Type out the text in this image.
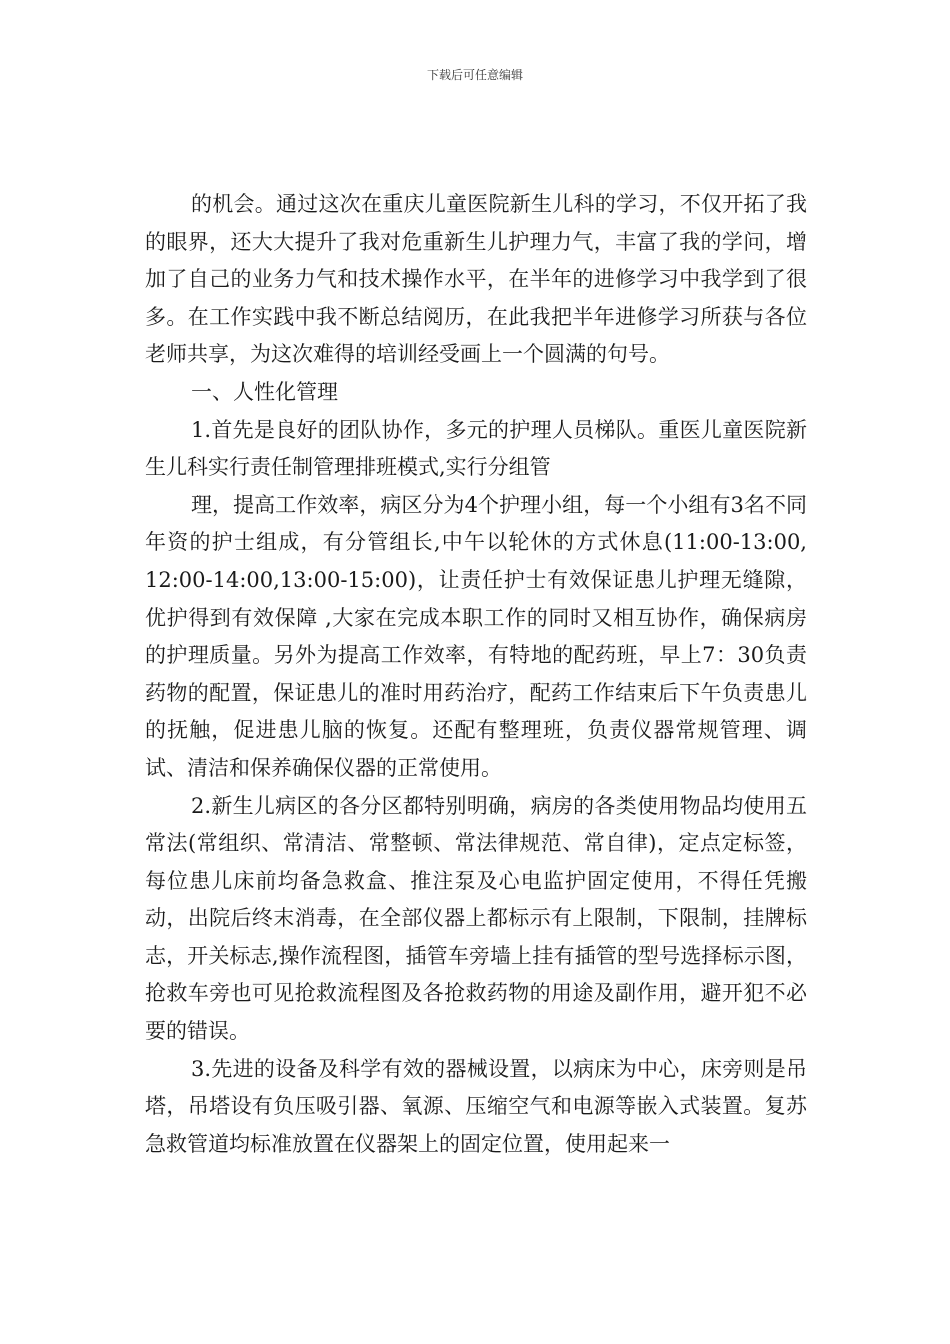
下载后可任意编辑

的机会。通过这次在重庆儿童医院新生儿科的学习，不仅开拓了我的眼界，还大大提升了我对危重新生儿护理力气，丰富了我的学问，增加了自己的业务力气和技术操作水平，在半年的进修学习中我学到了很多。在工作实践中我不断总结阅历，在此我把半年进修学习所获与各位老师共享，为这次难得的培训经受画上一个圆满的句号。

一、人性化管理

1.首先是良好的团队协作，多元的护理人员梯队。重医儿童医院新生儿科实行责任制管理排班模式,实行分组管

理，提高工作效率，病区分为4个护理小组，每一个小组有3名不同年资的护士组成，有分管组长,中午以轮休的方式休息(11:00-13:00, 12:00-14:00,13:00-15:00)，让责任护士有效保证患儿护理无缝隙，优护得到有效保障 ,大家在完成本职工作的同时又相互协作，确保病房的护理质量。另外为提高工作效率，有特地的配药班，早上7：30负责药物的配置，保证患儿的准时用药治疗，配药工作结束后下午负责患儿的抚触，促进患儿脑的恢复。还配有整理班，负责仪器常规管理、调试、清洁和保养确保仪器的正常使用。

2.新生儿病区的各分区都特别明确，病房的各类使用物品均使用五常法(常组织、常清洁、常整顿、常法律规范、常自律)，定点定标签，每位患儿床前均备急救盒、推注泵及心电监护固定使用，不得任凭搬动，出院后终末消毒，在全部仪器上都标示有上限制，下限制，挂牌标志，开关标志,操作流程图，插管车旁墙上挂有插管的型号选择标示图，抢救车旁也可见抢救流程图及各抢救药物的用途及副作用，避开犯不必要的错误。

3.先进的设备及科学有效的器械设置，以病床为中心，床旁则是吊塔，吊塔设有负压吸引器、氧源、压缩空气和电源等嵌入式装置。复苏急救管道均标准放置在仪器架上的固定位置，使用起来一
